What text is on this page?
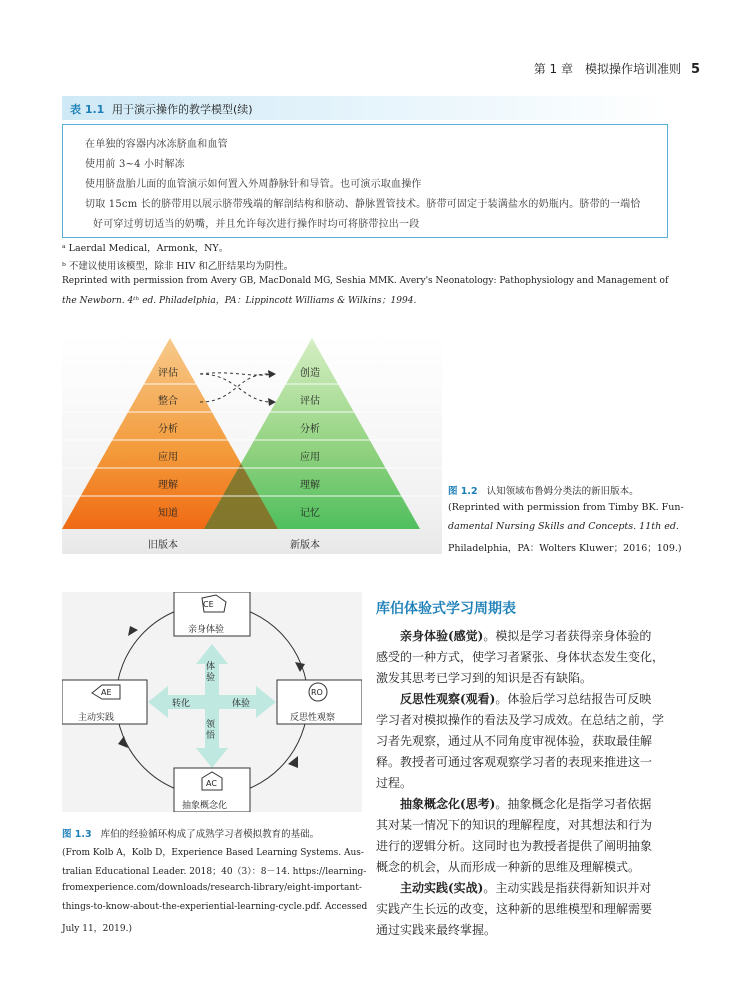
第 1 章　模拟操作培训准则 5
表 1.1 用于演示操作的教学模型(续)
在单独的容器内冰冻脐血和血管
使用前 3~4 小时解冻
使用脐盘胎儿面的血管演示如何置入外周静脉针和导管。也可演示取血操作
切取 15cm 长的脐带用以展示脐带残端的解剖结构和脐动、静脉置管技术。脐带可固定于装满盐水的奶瓶内。脐带的一端恰
好可穿过剪切适当的奶嘴，并且允许每次进行操作时均可将脐带拉出一段
ᵃ Laerdal Medical，Armonk，NY。
ᵇ 不建议使用该模型，除非 HIV 和乙肝结果均为阴性。
Reprinted with permission from Avery GB, MacDonald MG, Seshia MMK. Avery's Neonatology: Pathophysiology and Management of
the Newborn. 4ᵗʰ ed. Philadelphia，PA：Lippincott Williams & Wilkins；1994.
评估
整合
分析
应用
理解
知道
创造
评估
分析
应用
理解
记忆
旧版本	新版本
图 1.2 认知领域布鲁姆分类法的新旧版本。
(Reprinted with permission from Timby BK. Fun-
damental Nursing Skills and Concepts. 11th ed.
Philadelphia，PA：Wolters Kluwer；2016；109.)
CE
亲身体验
RO
反思性观察
AC
抽象概念化
AE
主动实践
体验
转化	体验
领悟
图 1.3 库伯的经验循环构成了成熟学习者模拟教育的基础。
(From Kolb A，Kolb D，Experience Based Learning Systems. Aus-
tralian Educational Leader. 2018；40（3）：8－14. https://learning-
fromexperience.com/downloads/research-library/eight-important-
things-to-know-about-the-experiential-learning-cycle.pdf. Accessed
July 11，2019.)
库伯体验式学习周期表
亲身体验(感觉)。模拟是学习者获得亲身体验的
感受的一种方式，使学习者紧张、身体状态发生变化，
激发其思考已学习到的知识是否有缺陷。
反思性观察(观看)。体验后学习总结报告可反映
学习者对模拟操作的看法及学习成效。在总结之前，学
习者先观察，通过从不同角度审视体验，获取最佳解
释。教授者可通过客观观察学习者的表现来推进这一
过程。
抽象概念化(思考)。抽象概念化是指学习者依据
其对某一情况下的知识的理解程度，对其想法和行为
进行的逻辑分析。这同时也为教授者提供了阐明抽象
概念的机会，从而形成一种新的思维及理解模式。
主动实践(实战)。主动实践是指获得新知识并对
实践产生长远的改变，这种新的思维模型和理解需要
通过实践来最终掌握。
